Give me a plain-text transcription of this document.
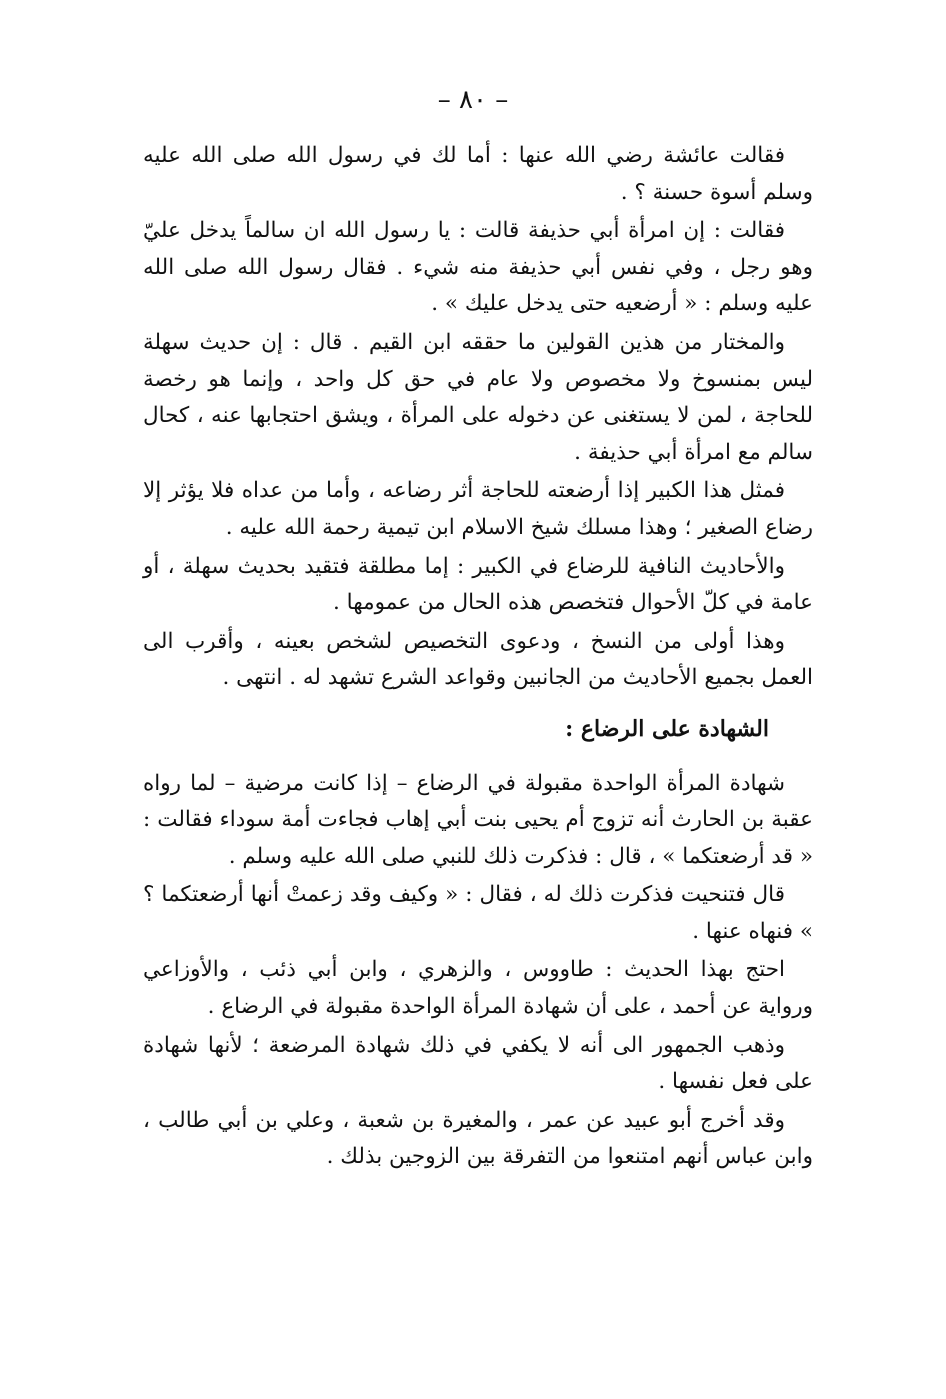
– ٨٠ –

فقالت عائشة رضي الله عنها : أما لك في رسول الله صلى الله عليه وسلم أسوة حسنة ؟ .

فقالت : إن امرأة أبي حذيفة قالت : يا رسول الله ان سالماً يدخل عليّ وهو رجل ، وفي نفس أبي حذيفة منه شيء . فقال رسول الله صلى الله عليه وسلم : « أرضعيه حتى يدخل عليك » .

والمختار من هذين القولين ما حققه ابن القيم . قال : إن حديث سهلة ليس بمنسوخ ولا مخصوص ولا عام في حق كل واحد ، وإنما هو رخصة للحاجة ، لمن لا يستغنى عن دخوله على المرأة ، ويشق احتجابها عنه ، كحال سالم مع امرأة أبي حذيفة .

فمثل هذا الكبير إذا أرضعته للحاجة أثر رضاعه ، وأما من عداه فلا يؤثر إلا رضاع الصغير ؛ وهذا مسلك شيخ الاسلام ابن تيمية رحمة الله عليه .

والأحاديث النافية للرضاع في الكبير : إما مطلقة فتقيد بحديث سهلة ، أو عامة في كلّ الأحوال فتخصص هذه الحال من عمومها .

وهذا أولى من النسخ ، ودعوى التخصيص لشخص بعينه ، وأقرب الى العمل بجميع الأحاديث من الجانبين وقواعد الشرع تشهد له . انتهى .

الشهادة على الرضاع :

شهادة المرأة الواحدة مقبولة في الرضاع – إذا كانت مرضية – لما رواه عقبة بن الحارث أنه تزوج أم يحيى بنت أبي إهاب فجاءت أمة سوداء فقالت : « قد أرضعتكما » ، قال : فذكرت ذلك للنبي صلى الله عليه وسلم .

قال فتنحيت فذكرت ذلك له ، فقال : « وكيف وقد زعمتْ أنها أرضعتكما ؟ » فنهاه عنها .

احتج بهذا الحديث : طاووس ، والزهري ، وابن أبي ذئب ، والأوزاعي ورواية عن أحمد ، على أن شهادة المرأة الواحدة مقبولة في الرضاع .

وذهب الجمهور الى أنه لا يكفي في ذلك شهادة المرضعة ؛ لأنها شهادة على فعل نفسها .

وقد أخرج أبو عبيد عن عمر ، والمغيرة بن شعبة ، وعلي بن أبي طالب ، وابن عباس أنهم امتنعوا من التفرقة بين الزوجين بذلك .
